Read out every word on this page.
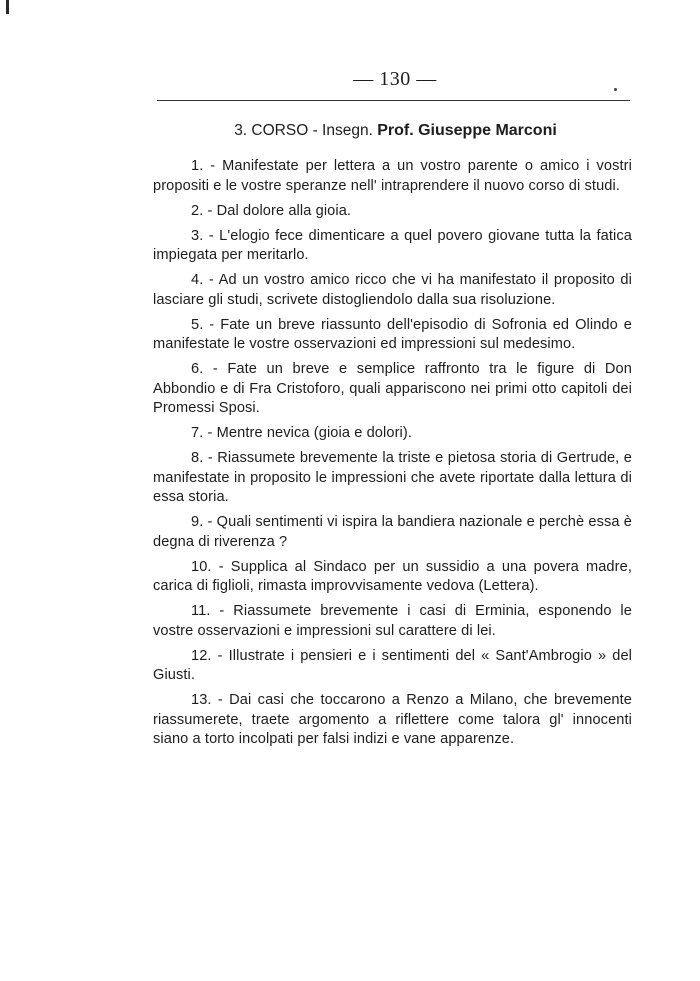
— 130 —
3. CORSO - Insegn. Prof. Giuseppe Marconi
1. - Manifestate per lettera a un vostro parente o amico i vostri propositi e le vostre speranze nell' intraprendere il nuovo corso di studi.
2. - Dal dolore alla gioia.
3. - L'elogio fece dimenticare a quel povero giovane tutta la fatica impiegata per meritarlo.
4. - Ad un vostro amico ricco che vi ha manifestato il proposito di lasciare gli studi, scrivete distogliendolo dalla sua risoluzione.
5. - Fate un breve riassunto dell'episodio di Sofronia ed Olindo e manifestate le vostre osservazioni ed impressioni sul medesimo.
6. - Fate un breve e semplice raffronto tra le figure di Don Abbondio e di Fra Cristoforo, quali appariscono nei primi otto capitoli dei Promessi Sposi.
7. - Mentre nevica (gioia e dolori).
8. - Riassumete brevemente la triste e pietosa storia di Gertrude, e manifestate in proposito le impressioni che avete riportate dalla lettura di essa storia.
9. - Quali sentimenti vi ispira la bandiera nazionale e perchè essa è degna di riverenza ?
10. - Supplica al Sindaco per un sussidio a una povera madre, carica di figlioli, rimasta improvvisamente vedova (Lettera).
11. - Riassumete brevemente i casi di Erminia, esponendo le vostre osservazioni e impressioni sul carattere di lei.
12. - Illustrate i pensieri e i sentimenti del « Sant'Ambrogio » del Giusti.
13. - Dai casi che toccarono a Renzo a Milano, che brevemente riassumerete, traete argomento a riflettere come talora gl' innocenti siano a torto incolpati per falsi indizi e vane apparenze.
